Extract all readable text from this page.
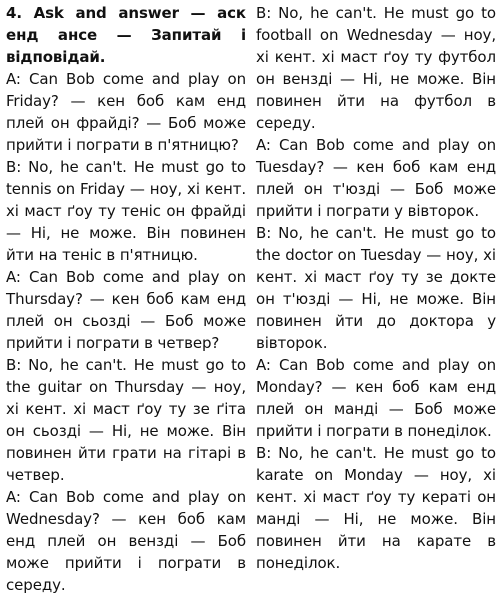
4. Ask and answer — аск енд ансе — Запитай і відповідай.

A: Can Bob come and play on Friday? — кен боб кам енд плей он фрайді? — Боб може прийти і пограти в п'ятницю?

B: No, he can't. He must go to tennis on Friday — ноу, хі кент. хі маст ґоу ту теніс он фрайді — Ні, не може. Він повинен йти на теніс в п'ятницю.

A: Can Bob come and play on Thursday? — кен боб кам енд плей он сьозді — Боб може прийти і пограти в четвер?

B: No, he can't. He must go to the guitar on Thursday — ноу, хі кент. хі маст ґоу ту зе ґіта он сьозді — Ні, не може. Він повинен йти грати на гітарі в четвер.

A: Can Bob come and play on Wednesday? — кен боб кам енд плей он вензді — Боб може прийти і пограти в середу.

B: No, he can't. He must go to football on Wednesday — ноу, хі кент. хі маст ґоу ту футбол он вензді — Ні, не може. Він повинен йти на футбол в середу.

A: Can Bob come and play on Tuesday? — кен боб кам енд плей он т'юзді — Боб може прийти і пограти у вівторок.

B: No, he can't. He must go to the doctor on Tuesday — ноу, хі кент. хі маст ґоу ту зе докте он т'юзді — Ні, не може. Він повинен йти до доктора у вівторок.

A: Can Bob come and play on Monday? — кен боб кам енд плей он манді — Боб може прийти і пограти в понеділок.

B: No, he can't. He must go to karate on Monday — ноу, хі кент. хі маст ґоу ту кераті он манді — Ні, не може. Він повинен йти на карате в понеділок.
